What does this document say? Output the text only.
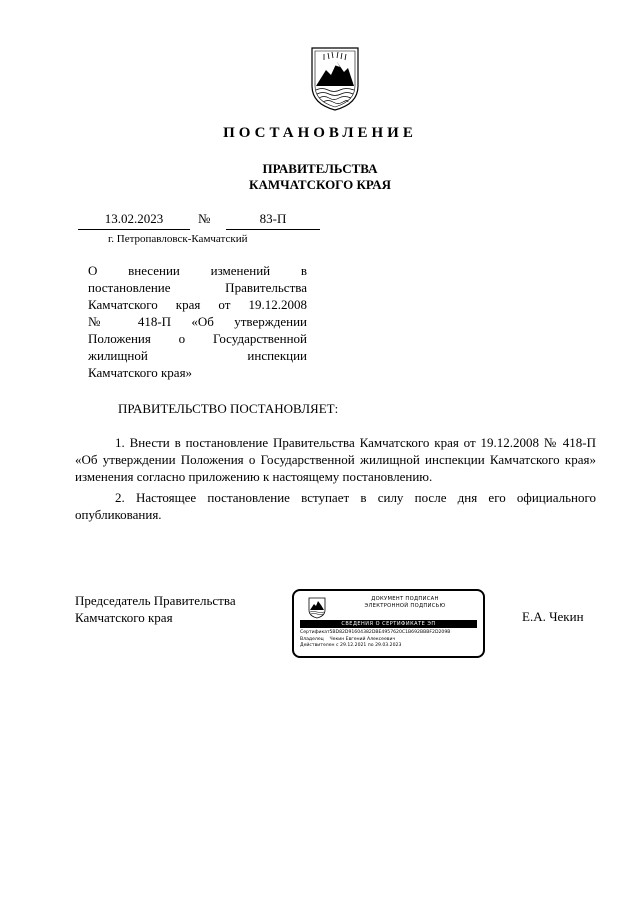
ПОСТАНОВЛЕНИЕ
ПРАВИТЕЛЬСТВА
КАМЧАТСКОГО КРАЯ
13.02.2023	№	83-П
г. Петропавловск-Камчатский
О внесении изменений в
постановление Правительства
Камчатского края от 19.12.2008
№ 418-П «Об утверждении
Положения о Государственной
жилищной инспекции
Камчатского края»
ПРАВИТЕЛЬСТВО ПОСТАНОВЛЯЕТ:

1. Внести в постановление Правительства Камчатского края от 19.12.2008 № 418-П «Об утверждении Положения о Государственной жилищной инспекции Камчатского края» изменения согласно приложению к настоящему постановлению.

2. Настоящее постановление вступает в силу после дня его официального опубликования.

Председатель Правительства
Камчатского края
ДОКУМЕНТ ПОДПИСАН
ЭЛЕКТРОННОЙ ПОДПИСЬЮ
СВЕДЕНИЯ О СЕРТИФИКАТЕ ЭП
Сертификат 5BD82D91604382DBE4957620C1B692BBBF2D209B
Владелец Чекин Евгений Алексеевич
Действителен с 29.12.2021 по 29.03.2023
Е.А. Чекин
